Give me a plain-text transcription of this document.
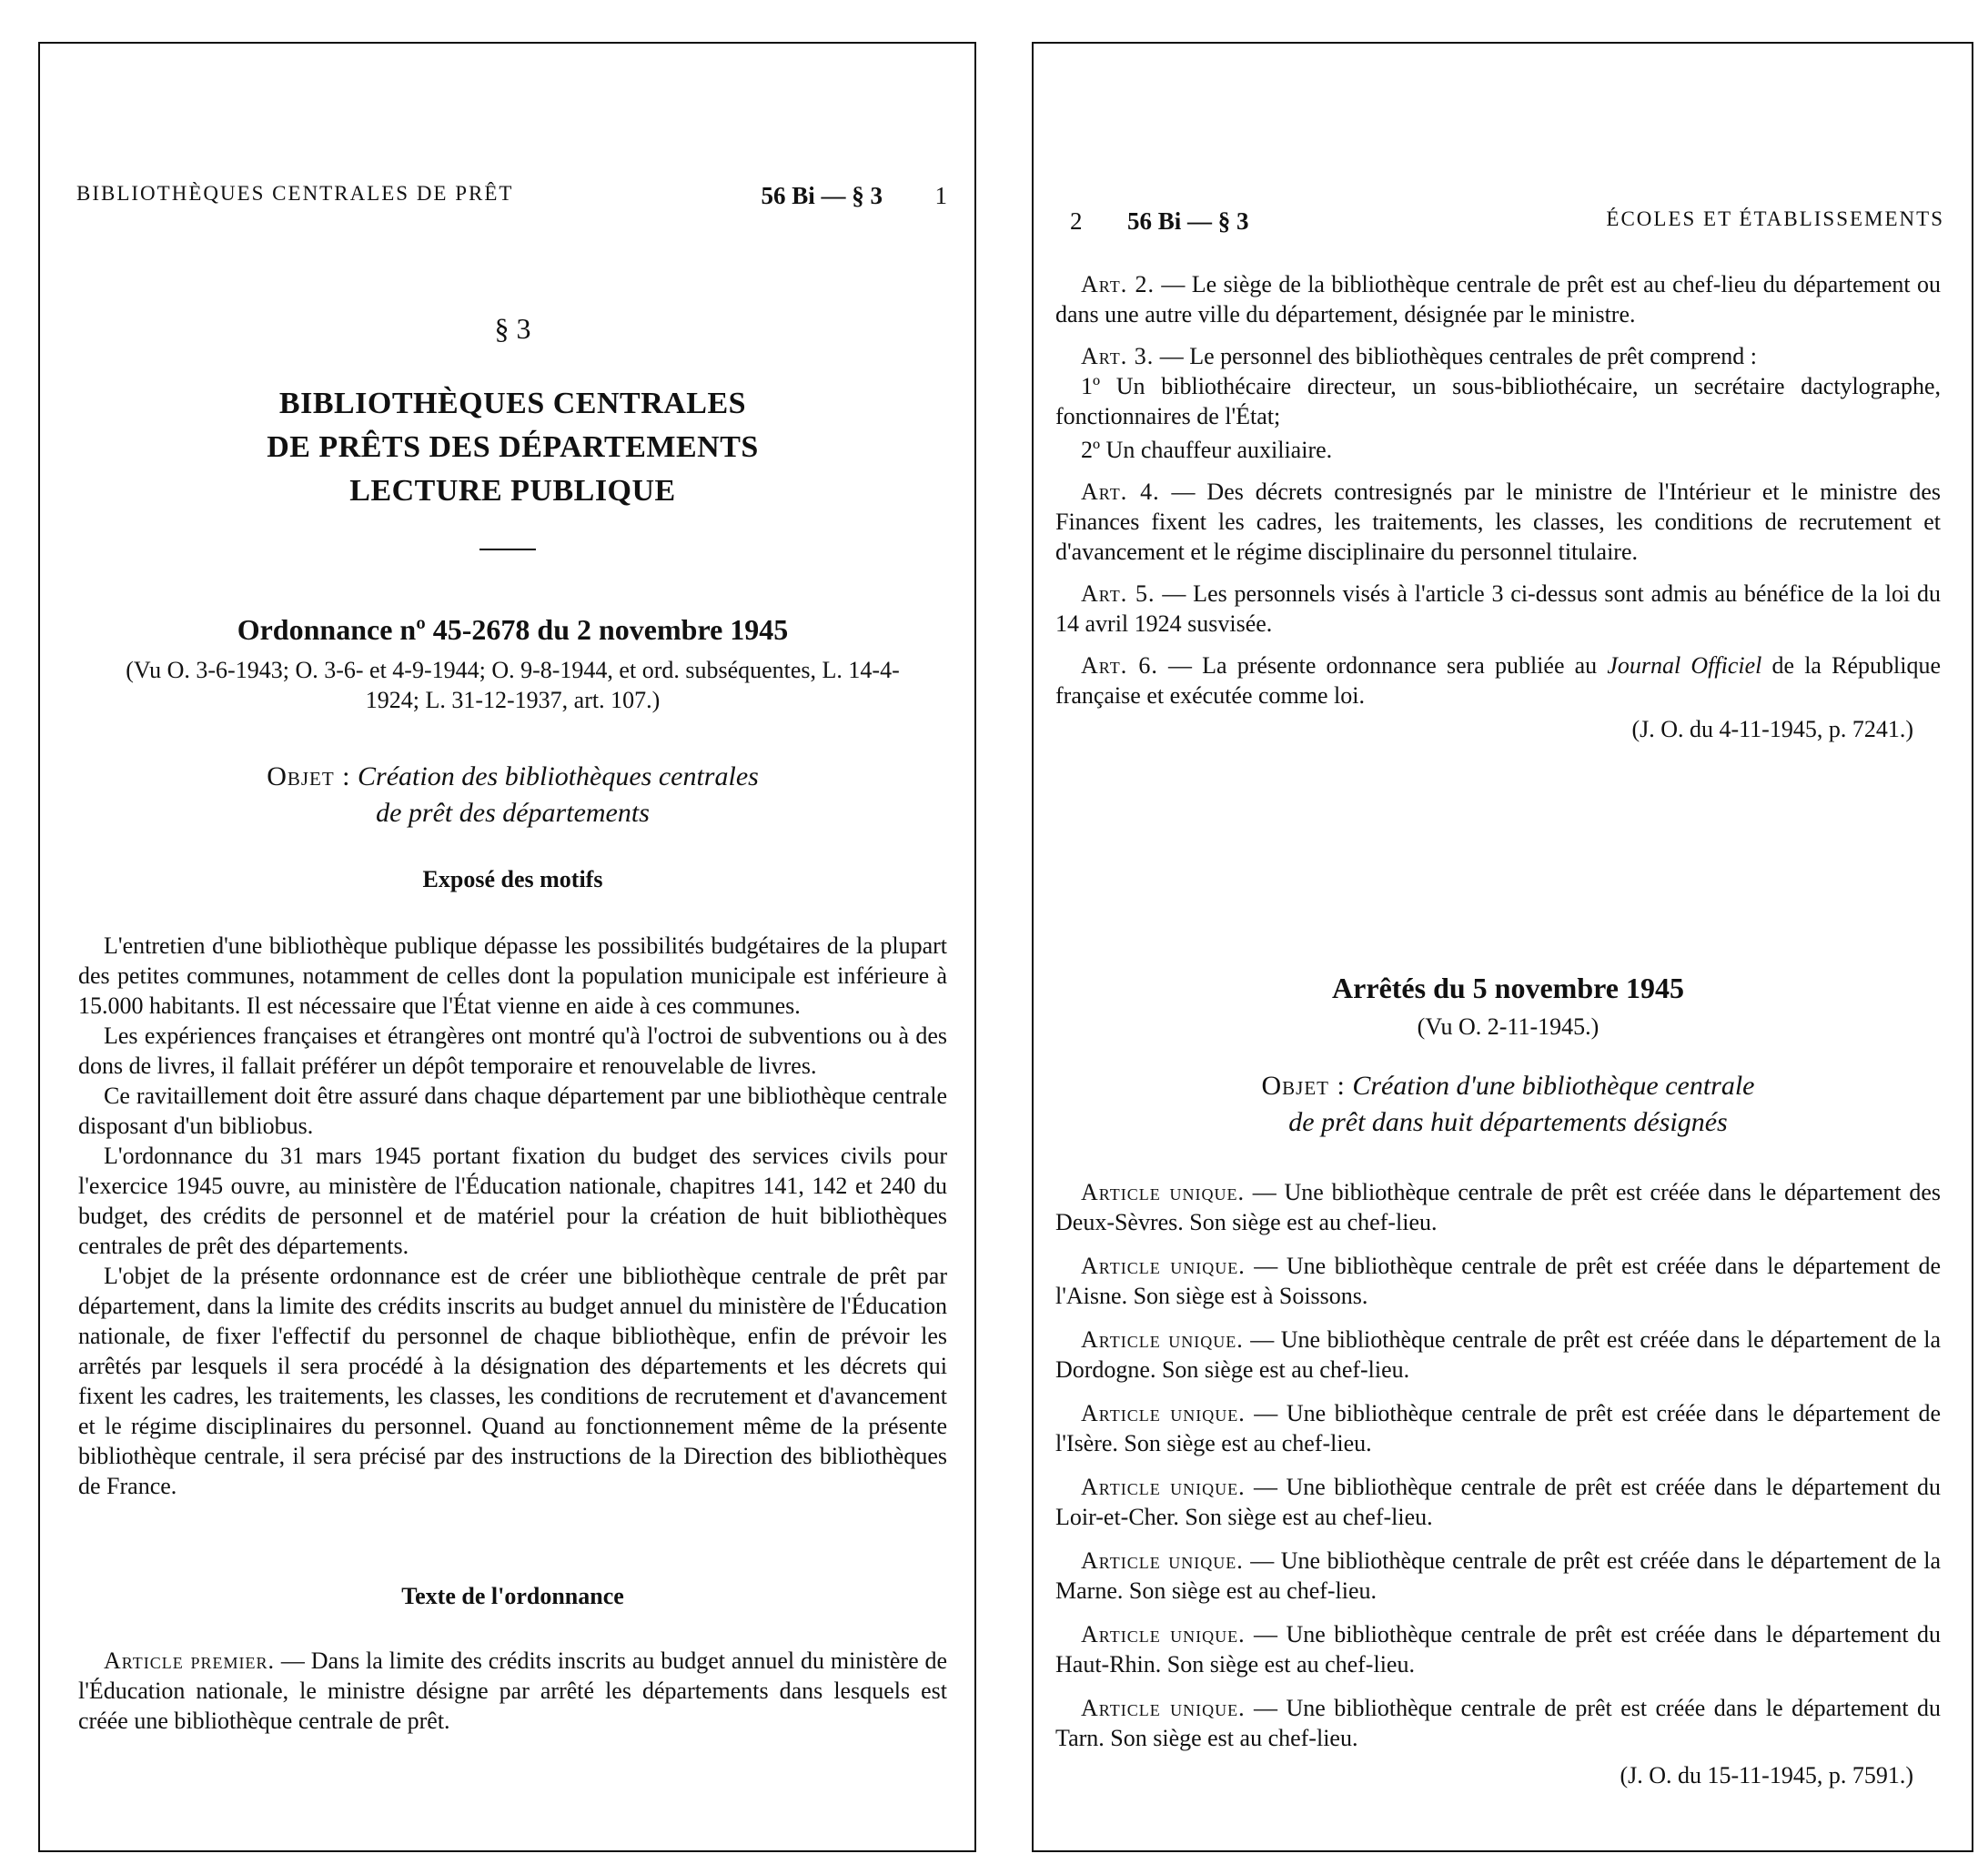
BIBLIOTHÈQUES CENTRALES DE PRÊT	56 Bi — § 3 1
§ 3
BIBLIOTHÈQUES CENTRALES
DE PRÊTS DES DÉPARTEMENTS
LECTURE PUBLIQUE
Ordonnance nº 45-2678 du 2 novembre 1945
(Vu O. 3-6-1943; O. 3-6- et 4-9-1944; O. 9-8-1944, et ord. subséquentes, L. 14-4-1924; L. 31-12-1937, art. 107.)
Objet : Création des bibliothèques centrales
de prêt des départements
Exposé des motifs

L'entretien d'une bibliothèque publique dépasse les possibilités budgétaires de la plupart des petites communes, notamment de celles dont la population municipale est inférieure à 15.000 habitants. Il est nécessaire que l'État vienne en aide à ces communes.

Les expériences françaises et étrangères ont montré qu'à l'octroi de subventions ou à des dons de livres, il fallait préférer un dépôt temporaire et renouvelable de livres.

Ce ravitaillement doit être assuré dans chaque département par une bibliothèque centrale disposant d'un bibliobus.

L'ordonnance du 31 mars 1945 portant fixation du budget des services civils pour l'exercice 1945 ouvre, au ministère de l'Éducation nationale, chapitres 141, 142 et 240 du budget, des crédits de personnel et de matériel pour la création de huit bibliothèques centrales de prêt des départements.

L'objet de la présente ordonnance est de créer une bibliothèque centrale de prêt par département, dans la limite des crédits inscrits au budget annuel du ministère de l'Éducation nationale, de fixer l'effectif du personnel de chaque bibliothèque, enfin de prévoir les arrêtés par lesquels il sera procédé à la désignation des départements et les décrets qui fixent les cadres, les traitements, les classes, les conditions de recrutement et d'avancement et le régime disciplinaires du personnel. Quand au fonctionnement même de la présente bibliothèque centrale, il sera précisé par des instructions de la Direction des bibliothèques de France.

Texte de l'ordonnance

Article premier. — Dans la limite des crédits inscrits au budget annuel du ministère de l'Éducation nationale, le ministre désigne par arrêté les départements dans lesquels est créée une bibliothèque centrale de prêt.

2 56 Bi — § 3	ÉCOLES ET ÉTABLISSEMENTS

Art. 2. — Le siège de la bibliothèque centrale de prêt est au chef-lieu du département ou dans une autre ville du département, désignée par le ministre.

Art. 3. — Le personnel des bibliothèques centrales de prêt comprend :

1º Un bibliothécaire directeur, un sous-bibliothécaire, un secrétaire dactylographe, fonctionnaires de l'État;

2º Un chauffeur auxiliaire.

Art. 4. — Des décrets contresignés par le ministre de l'Intérieur et le ministre des Finances fixent les cadres, les traitements, les classes, les conditions de recrutement et d'avancement et le régime disciplinaire du personnel titulaire.

Art. 5. — Les personnels visés à l'article 3 ci-dessus sont admis au bénéfice de la loi du 14 avril 1924 susvisée.

Art. 6. — La présente ordonnance sera publiée au Journal Officiel de la République française et exécutée comme loi.

(J. O. du 4-11-1945, p. 7241.)
Arrêtés du 5 novembre 1945
(Vu O. 2-11-1945.)
Objet : Création d'une bibliothèque centrale
de prêt dans huit départements désignés

Article unique. — Une bibliothèque centrale de prêt est créée dans le département des Deux-Sèvres. Son siège est au chef-lieu.

Article unique. — Une bibliothèque centrale de prêt est créée dans le département de l'Aisne. Son siège est à Soissons.

Article unique. — Une bibliothèque centrale de prêt est créée dans le département de la Dordogne. Son siège est au chef-lieu.

Article unique. — Une bibliothèque centrale de prêt est créée dans le département de l'Isère. Son siège est au chef-lieu.

Article unique. — Une bibliothèque centrale de prêt est créée dans le département du Loir-et-Cher. Son siège est au chef-lieu.

Article unique. — Une bibliothèque centrale de prêt est créée dans le département de la Marne. Son siège est au chef-lieu.

Article unique. — Une bibliothèque centrale de prêt est créée dans le département du Haut-Rhin. Son siège est au chef-lieu.

Article unique. — Une bibliothèque centrale de prêt est créée dans le département du Tarn. Son siège est au chef-lieu.

(J. O. du 15-11-1945, p. 7591.)
